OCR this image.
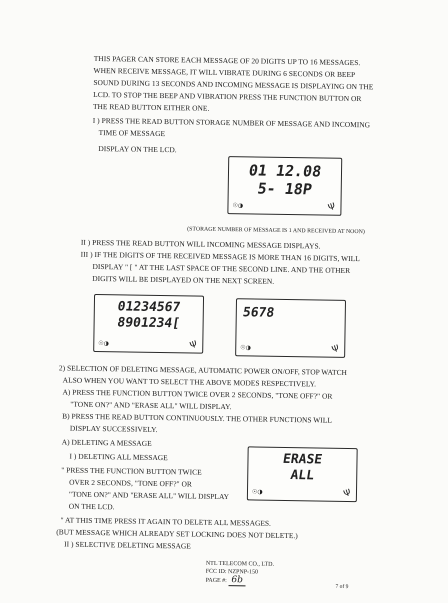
THIS PAGER CAN STORE EACH MESSAGE OF 20 DIGITS UP TO 16 MESSAGES.
WHEN RECEIVE MESSAGE, IT WILL VIBRATE DURING 6 SECONDS OR BEEP
SOUND DURING 13 SECONDS AND INCOMING MESSAGE IS DISPLAYING ON THE
LCD. TO STOP THE BEEP AND VIBRATION PRESS THE FUNCTION BUTTON OR
THE READ BUTTON EITHER ONE.
I ) PRESS THE READ BUTTON STORAGE NUMBER OF MESSAGE AND INCOMING
TIME OF MESSAGE
DISPLAY ON THE LCD.
01 12.08
5- 18P
☉◑	Ψ
(STORAGE NUMBER OF MESSAGE IS 1 AND RECEIVED AT NOON)
II ) PRESS THE READ BUTTON WILL INCOMING MESSAGE DISPLAYS.
III ) IF THE DIGITS OF THE RECEIVED MESSAGE IS MORE THAN 16 DIGITS, WILL
DISPLAY " [ " AT THE LAST SPACE OF THE SECOND LINE. AND THE OTHER
DIGITS WILL BE DISPLAYED ON THE NEXT SCREEN.
01234567
8901234[
☉◑	Ψ
5678
☉◑	Ψ
2) SELECTION OF DELETING MESSAGE, AUTOMATIC POWER ON/OFF, STOP WATCH
ALSO WHEN YOU WANT TO SELECT THE ABOVE MODES RESPECTIVELY.
A) PRESS THE FUNCTION BUTTON TWICE OVER 2 SECONDS, "TONE OFF?" OR
"TONE ON?" AND "ERASE ALL" WILL DISPLAY.
B) PRESS THE READ BUTTON CONTINUOUSLY. THE OTHER FUNCTIONS WILL
DISPLAY SUCCESSIVELY.
A) DELETING A MESSAGE
I ) DELETING ALL MESSAGE
" PRESS THE FUNCTION BUTTON TWICE
OVER 2 SECONDS, "TONE OFF?" OR
"TONE ON?" AND "ERASE ALL" WILL DISPLAY
ON THE LCD.
" AT THIS TIME PRESS IT AGAIN TO DELETE ALL MESSAGES.
(BUT MESSAGE WHICH ALREADY SET LOCKING DOES NOT DELETE.)
II ) SELECTIVE DELETING MESSAGE
ERASE
ALL
☉◑	Ψ
NTL TELECOM CO., LTD.
FCC ID: NZPNP-150
PAGE #: 6b
7 of 9
